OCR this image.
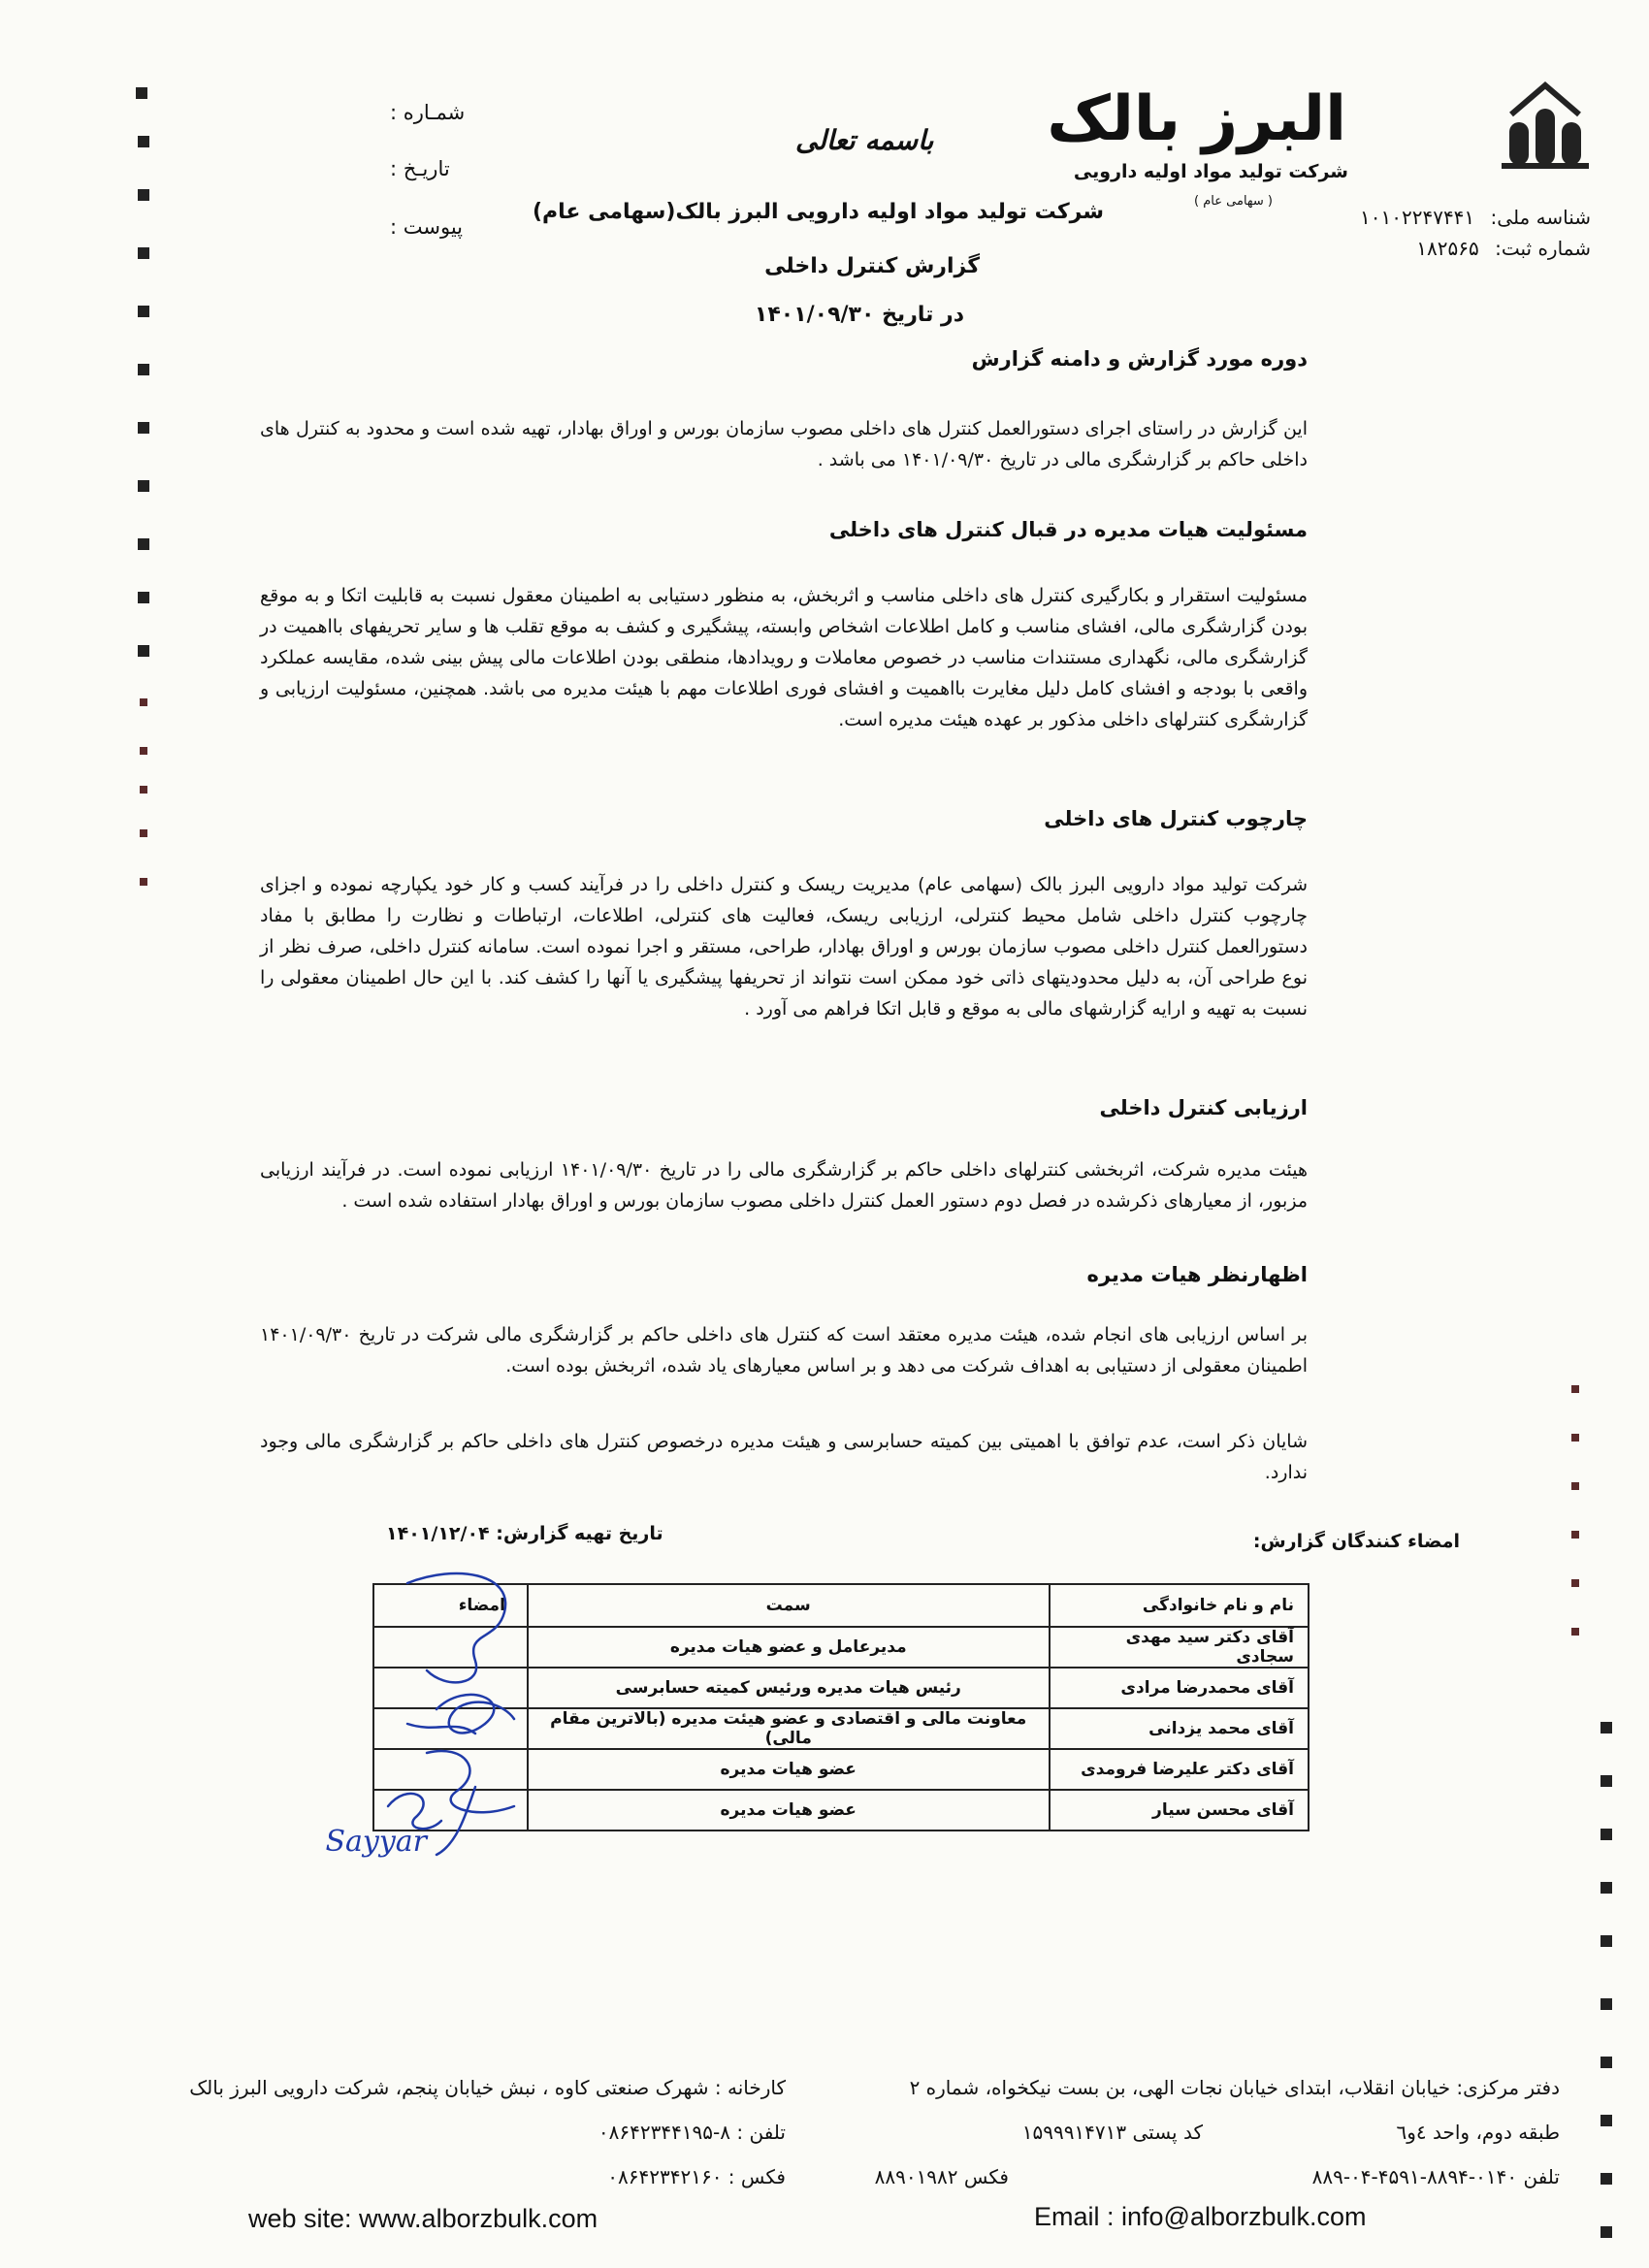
البرز بالک
شرکت تولید مواد اولیه دارویی
( سهامی عام )
شناسه ملی: ۱۰۱۰۲۲۴۷۴۴۱
شماره ثبت: ۱۸۲۵۶۵
شمـاره :
تاریـخ :
پیوست :
باسمه تعالی
شرکت تولید مواد اولیه دارویی البرز بالک(سهامی عام)
گزارش کنترل داخلی
در تاریخ ۱۴۰۱/۰۹/۳۰
دوره مورد گزارش و دامنه گزارش
این گزارش در راستای اجرای دستورالعمل کنترل های داخلی مصوب سازمان بورس و اوراق بهادار، تهیه شده است و محدود به کنترل های داخلی حاکم بر گزارشگری مالی در تاریخ ۱۴۰۱/۰۹/۳۰ می باشد .
مسئولیت هیات مدیره در قبال کنترل های داخلی
مسئولیت استقرار و بکارگیری کنترل های داخلی مناسب و اثربخش، به منظور دستیابی به اطمینان معقول نسبت به قابلیت اتکا و به موقع بودن گزارشگری مالی، افشای مناسب و کامل اطلاعات اشخاص وابسته، پیشگیری و کشف به موقع تقلب ها و سایر تحریفهای بااهمیت در گزارشگری مالی، نگهداری مستندات مناسب در خصوص معاملات و رویدادها، منطقی بودن اطلاعات مالی پیش بینی شده، مقایسه عملکرد واقعی با بودجه و افشای کامل دلیل مغایرت بااهمیت و افشای فوری اطلاعات مهم با هیئت مدیره می باشد. همچنین، مسئولیت ارزیابی و گزارشگری کنترلهای داخلی مذکور بر عهده هیئت مدیره است.
چارچوب کنترل های داخلی
شرکت تولید مواد دارویی البرز بالک (سهامی عام) مدیریت ریسک و کنترل داخلی را در فرآیند کسب و کار خود یکپارچه نموده و اجزای چارچوب کنترل داخلی شامل محیط کنترلی، ارزیابی ریسک، فعالیت های کنترلی، اطلاعات، ارتباطات و نظارت را مطابق با مفاد دستورالعمل کنترل داخلی مصوب سازمان بورس و اوراق بهادار، طراحی، مستقر و اجرا نموده است. سامانه کنترل داخلی، صرف نظر از نوع طراحی آن، به دلیل محدودیتهای ذاتی خود ممکن است نتواند از تحریفها پیشگیری یا آنها را کشف کند. با این حال اطمینان معقولی را نسبت به تهیه و ارایه گزارشهای مالی به موقع و قابل اتکا فراهم می آورد .
ارزیابی کنترل داخلی
هیئت مدیره شرکت، اثربخشی کنترلهای داخلی حاکم بر گزارشگری مالی را در تاریخ ۱۴۰۱/۰۹/۳۰ ارزیابی نموده است. در فرآیند ارزیابی مزبور، از معیارهای ذکرشده در فصل دوم دستور العمل کنترل داخلی مصوب سازمان بورس و اوراق بهادار استفاده شده است .
اظهارنظر هیات مدیره
بر اساس ارزیابی های انجام شده، هیئت مدیره معتقد است که کنترل های داخلی حاکم بر گزارشگری مالی شرکت در تاریخ ۱۴۰۱/۰۹/۳۰ اطمینان معقولی از دستیابی به اهداف شرکت می دهد و بر اساس معیارهای یاد شده، اثربخش بوده است.
شایان ذکر است، عدم توافق با اهمیتی بین کمیته حسابرسی و هیئت مدیره درخصوص کنترل های داخلی حاکم بر گزارشگری مالی وجود ندارد.
امضاء کنندگان گزارش:
تاریخ تهیه گزارش: ۱۴۰۱/۱۲/۰۴
نام و نام خانوادگی	سمت	امضاء
آقای دکتر سید مهدی سجادی	مدیرعامل و عضو هیات مدیره	
آقای محمدرضا مرادی	رئیس هیات مدیره ورئیس کمیته حسابرسی	
آقای محمد یزدانی	معاونت مالی و اقتصادی و عضو هیئت مدیره (بالاترین مقام مالی)	
آقای دکتر علیرضا فرومدی	عضو هیات مدیره	
آقای محسن سیار	عضو هیات مدیره	
Sayyar
دفتر مرکزی: خیابان انقلاب، ابتدای خیابان نجات الهی، بن بست نیکخواه، شماره ۲
طبقه دوم، واحد ٤و٦
کد پستی ۱۵۹۹۹۱۴۷۱۳
تلفن ۰۱۴۰-۸۸۹۴-۴۵۹۱-۰۴-۸۸۹
فکس ۸۸۹۰۱۹۸۲
کارخانه : شهرک صنعتی کاوه ، نبش خیابان پنجم، شرکت دارویی البرز بالک
تلفن : ۸-۰۸۶۴۲۳۴۴۱۹۵
فکس : ۰۸۶۴۲۳۴۲۱۶۰
web site: www.alborzbulk.com	Email : info@alborzbulk.com
